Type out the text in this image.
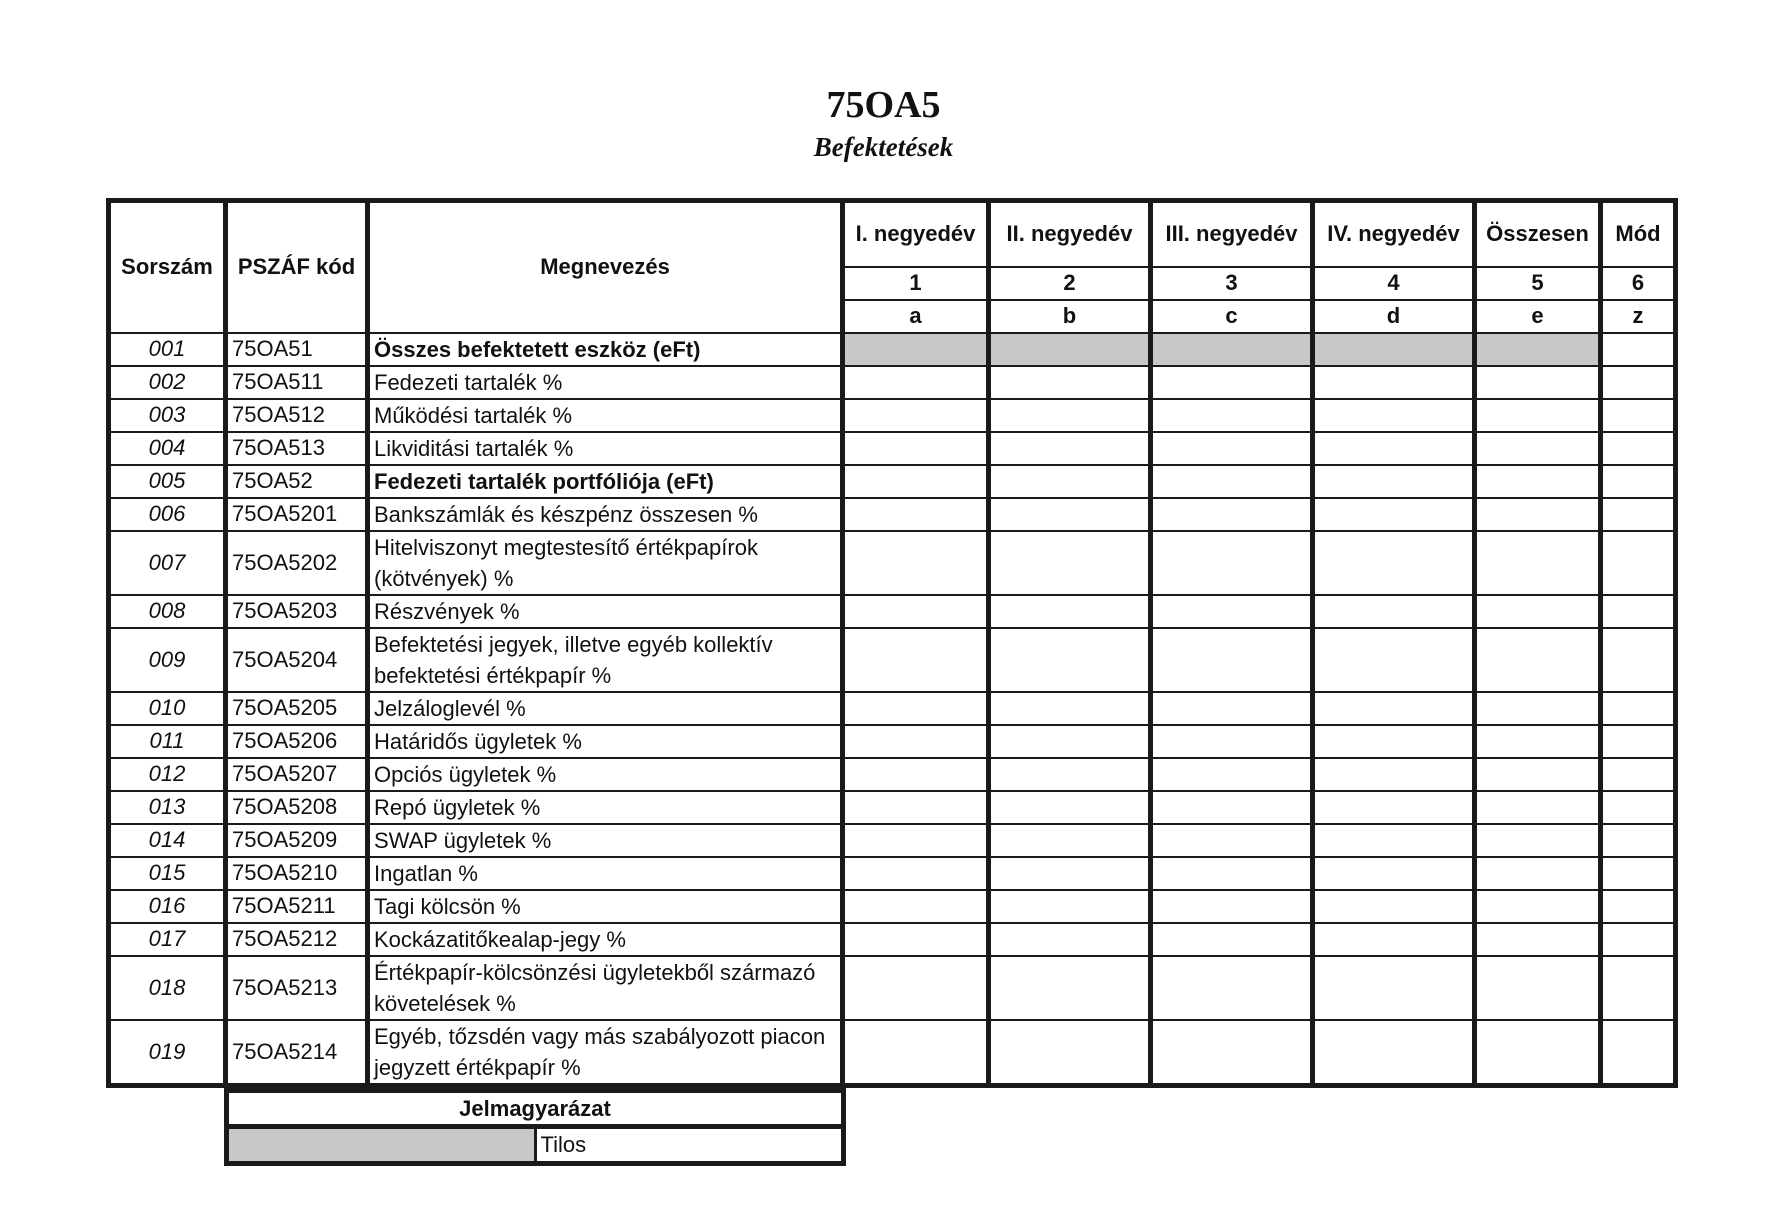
75OA5
Befektetések
Sorszám	PSZÁF kód	Megnevezés	I. negyedév	II. negyedév	III. negyedév	IV. negyedév	Összesen	Mód
			1	2	3	4	5	6
			a	b	c	d	e	z
001	75OA51	Összes befektetett eszköz (eFt)						
002	75OA511	Fedezeti tartalék %						
003	75OA512	Működési tartalék %						
004	75OA513	Likviditási tartalék %						
005	75OA52	Fedezeti tartalék portfóliója (eFt)						
006	75OA5201	Bankszámlák és készpénz összesen %						
007	75OA5202	Hitelviszonyt megtestesítő értékpapírok (kötvények) %						
008	75OA5203	Részvények %						
009	75OA5204	Befektetési jegyek, illetve egyéb kollektív befektetési értékpapír %						
010	75OA5205	Jelzáloglevél %						
011	75OA5206	Határidős ügyletek %						
012	75OA5207	Opciós ügyletek %						
013	75OA5208	Repó ügyletek %						
014	75OA5209	SWAP ügyletek %						
015	75OA5210	Ingatlan %						
016	75OA5211	Tagi kölcsön %						
017	75OA5212	Kockázatitőkealap-jegy %						
018	75OA5213	Értékpapír-kölcsönzési ügyletekből származó követelések %						
019	75OA5214	Egyéb, tőzsdén vagy más szabályozott piacon jegyzett értékpapír %						
Jelmagyarázat
	Tilos
